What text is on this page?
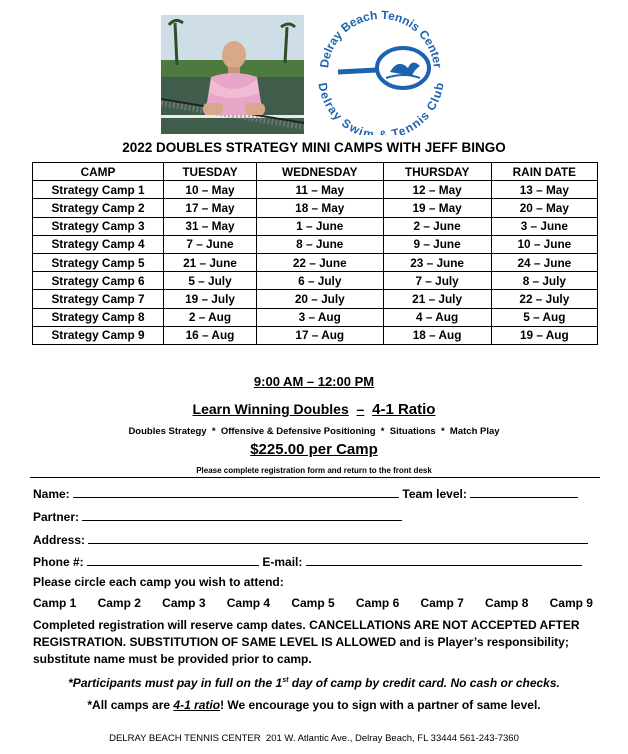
Delray Beach Tennis Center
Delray Swim & Tennis Club
2022 DOUBLES STRATEGY MINI CAMPS WITH JEFF BINGO
CAMP	TUESDAY	WEDNESDAY	THURSDAY	RAIN DATE
Strategy Camp 1	10 – May	11 – May	12 – May	13 – May
Strategy Camp 2	17 – May	18 – May	19 – May	20 – May
Strategy Camp 3	31 – May	1 – June	2 – June	3 – June
Strategy Camp 4	7 – June	8 – June	9 – June	10 – June
Strategy Camp 5	21 – June	22 – June	23 – June	24 – June
Strategy Camp 6	5 – July	6 – July	7 – July	8 – July
Strategy Camp 7	19 – July	20 – July	21 – July	22 – July
Strategy Camp 8	2 – Aug	3 – Aug	4 – Aug	5 – Aug
Strategy Camp 9	16 – Aug	17 – Aug	18 – Aug	19 – Aug
9:00 AM – 12:00 PM
Learn Winning Doubles – 4-1 Ratio
Doubles Strategy  *  Offensive & Defensive Positioning  *  Situations  *  Match Play
$225.00 per Camp
Please complete registration form and return to the front desk
Name:	Team level:
Partner:
Address:
Phone #:	E-mail:
Please circle each camp you wish to attend:
Camp 1 Camp 2 Camp 3 Camp 4 Camp 5 Camp 6 Camp 7 Camp 8 Camp 9
Completed registration will reserve camp dates. CANCELLATIONS ARE NOT ACCEPTED AFTER REGISTRATION. SUBSTITUTION OF SAME LEVEL IS ALLOWED and is Player’s responsibility; substitute name must be provided prior to camp.
*Participants must pay in full on the 1st day of camp by credit card. No cash or checks.
*All camps are 4-1 ratio! We encourage you to sign with a partner of same level.
DELRAY BEACH TENNIS CENTER 201 W. Atlantic Ave., Delray Beach, FL 33444 561-243-7360
